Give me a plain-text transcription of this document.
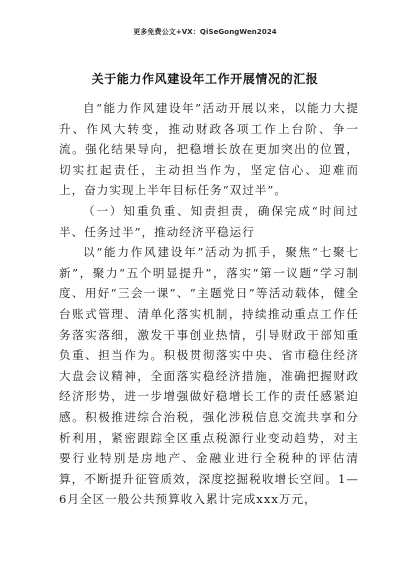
更多免费公文+VX：QiSeGongWen2024
关于能力作风建设年工作开展情况的汇报

自“能力作风建设年”活动开展以来，以能力大提升、作风大转变，推动财政各项工作上台阶、争一流。强化结果导向，把稳增长放在更加突出的位置，切实扛起责任，主动担当作为，坚定信心、迎难而上，奋力实现上半年目标任务“双过半”。

（一）知重负重、知责担责，确保完成“时间过半、任务过半”，推动经济平稳运行

以“能力作风建设年”活动为抓手，聚焦“七聚七新”，聚力“五个明显提升”，落实“第一议题”学习制度、用好“三会一课”、“主题党日”等活动载体，健全台账式管理、清单化落实机制，持续推动重点工作任务落实落细，激发干事创业热情，引导财政干部知重负重、担当作为。积极贯彻落实中央、省市稳住经济大盘会议精神，全面落实稳经济措施，准确把握财政经济形势，进一步增强做好稳增长工作的责任感紧迫感。积极推进综合治税，强化涉税信息交流共享和分析利用，紧密跟踪全区重点税源行业变动趋势，对主要行业特别是房地产、金融业进行全税种的评估清算，不断提升征管质效，深度挖掘税收增长空间。1—6月全区一般公共预算收入累计完成xxx万元，
